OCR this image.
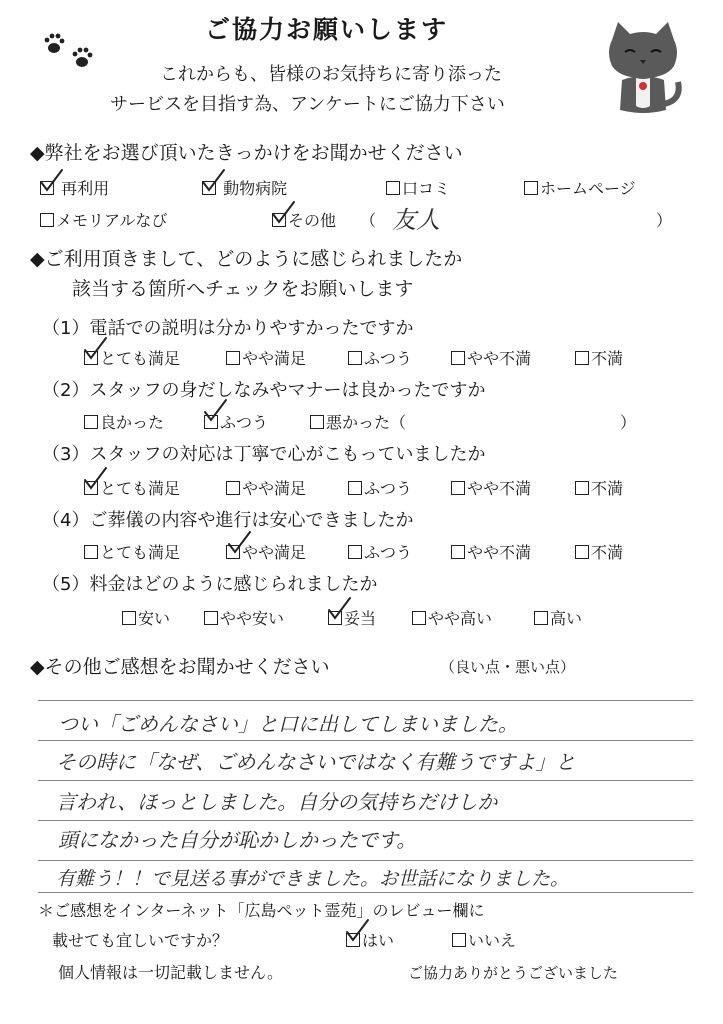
ご協力お願いします
これからも、皆様のお気持ちに寄り添った
サービスを目指す為、アンケートにご協力下さい
◆弊社をお選び頂いたきっかけをお聞かせください
再利用	動物病院	口コミ	ホームページ
メモリアルなび	その他 （ 友人	）
◆ご利用頂きまして、どのように感じられましたか
該当する箇所へチェックをお願いします
（1）電話での説明は分かりやすかったですか
とても満足	やや満足	ふつう	やや不満	不満
（2）スタッフの身だしなみやマナーは良かったですか
良かった	ふつう	悪かった（	）
（3）スタッフの対応は丁寧で心がこもっていましたか
とても満足	やや満足	ふつう	やや不満	不満
（4）ご葬儀の内容や進行は安心できましたか
とても満足	やや満足	ふつう	やや不満	不満
（5）料金はどのように感じられましたか
安い	やや安い	妥当	やや高い	高い
◆その他ご感想をお聞かせください	（良い点・悪い点）
つい「ごめんなさい」と口に出してしまいました。
その時に「なぜ、ごめんなさいではなく有難うですよ」と
言われ、ほっとしました。自分の気持ちだけしか
頭になかった自分が恥かしかったです。
有難う！！で見送る事ができました。お世話になりました。
＊ご感想をインターネット「広島ペット霊苑」のレビュー欄に
載せても宜しいですか？	はい	いいえ
個人情報は一切記載しません。	ご協力ありがとうございました
